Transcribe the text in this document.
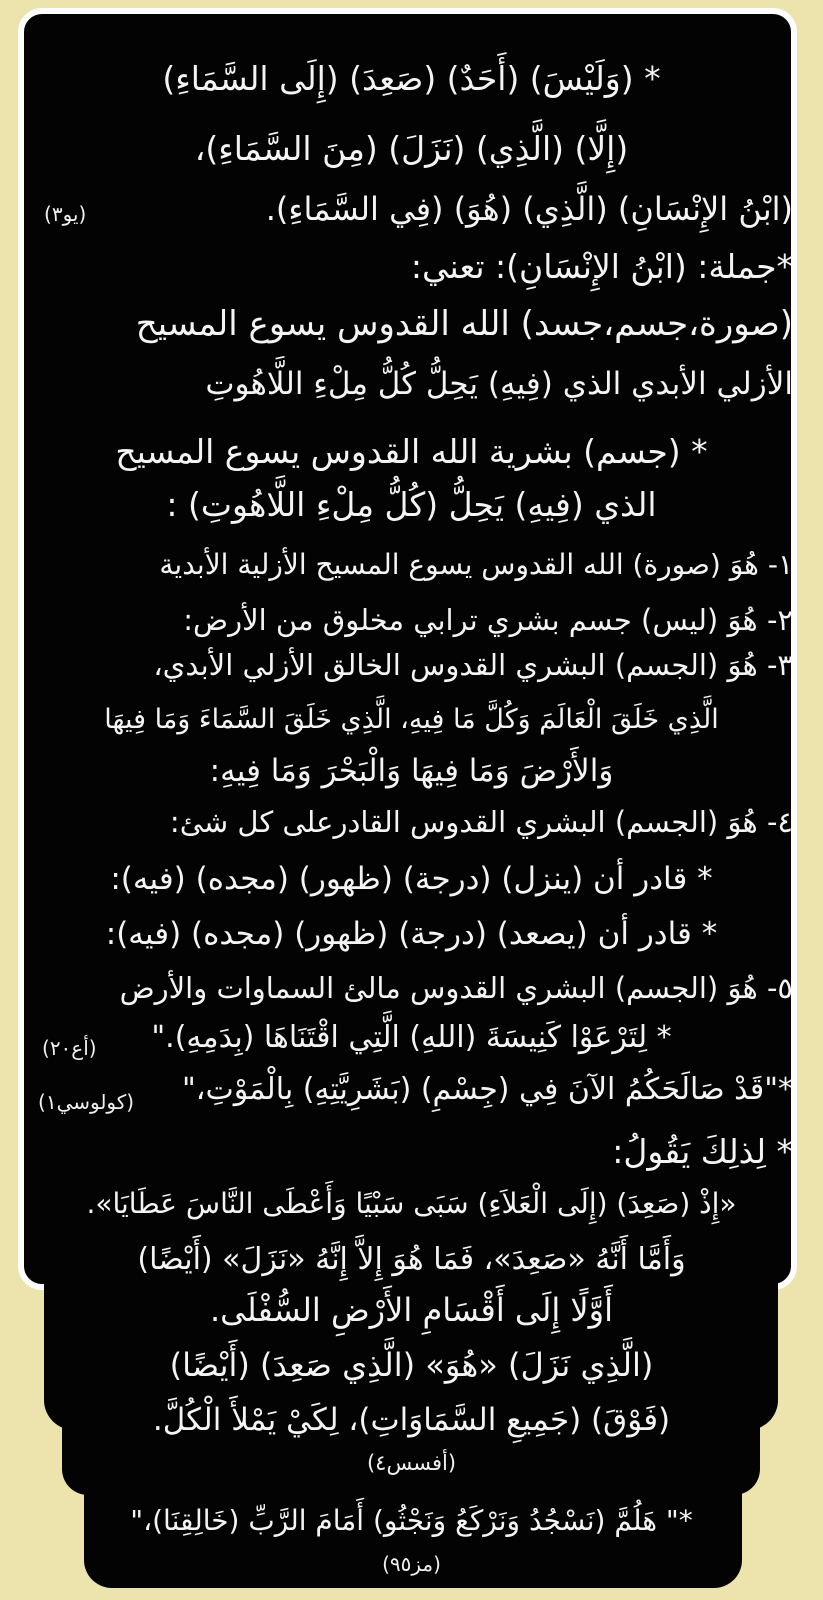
* (وَلَيْسَ) (أَحَدٌ) (صَعِدَ) (إِلَى السَّمَاءِ)
(إِلَّا) (الَّذِي) (نَزَلَ) (مِنَ السَّمَاءِ)،
(ابْنُ الإِنْسَانِ) (الَّذِي) (هُوَ) (فِي السَّمَاءِ).
(يو٣)
*جملة: (ابْنُ الإِنْسَانِ): تعني:
(صورة،جسم،جسد) الله القدوس يسوع المسيح
الأزلي الأبدي الذي (فِيهِ) يَحِلُّ كُلُّ مِلْءِ اللَّاهُوتِ
* (جسم) بشرية الله القدوس يسوع المسيح
الذي (فِيهِ) يَحِلُّ (كُلُّ مِلْءِ اللَّاهُوتِ) :
١- هُوَ (صورة) الله القدوس يسوع المسيح الأزلية الأبدية
٢- هُوَ (ليس) جسم بشري ترابي مخلوق من الأرض:
٣- هُوَ (الجسم) البشري القدوس الخالق الأزلي الأبدي،
الَّذِي خَلَقَ الْعَالَمَ وَكُلَّ مَا فِيهِ، الَّذِي خَلَقَ السَّمَاءَ وَمَا فِيهَا
وَالأَرْضَ وَمَا فِيهَا وَالْبَحْرَ وَمَا فِيهِ:
٤- هُوَ (الجسم) البشري القدوس القادرعلى كل شئ:
* قادر أن (ينزل) (درجة) (ظهور) (مجده) (فيه):
* قادر أن (يصعد) (درجة) (ظهور) (مجده) (فيه):
٥- هُوَ (الجسم) البشري القدوس مالئ السماوات والأرض
* لِتَرْعَوْا كَنِيسَةَ (اللهِ) الَّتِي اقْتَنَاهَا (بِدَمِهِ)."
(أع٢٠)
*"قَدْ صَالَحَكُمُ الآنَ فِي (جِسْمِ) (بَشَرِيَّتِهِ) بِالْمَوْتِ،"
(كولوسي١)
* لِذلِكَ يَقُولُ:
«إِذْ (صَعِدَ) (إِلَى الْعَلاَءِ) سَبَى سَبْيًا وَأَعْطَى النَّاسَ عَطَايَا».
وَأَمَّا أَنَّهُ «صَعِدَ»، فَمَا هُوَ إِلاَّ إِنَّهُ «نَزَلَ» (أَيْضًا)
أَوَّلًا إِلَى أَقْسَامِ الأَرْضِ السُّفْلَى.
(الَّذِي نَزَلَ) «هُوَ» (الَّذِي صَعِدَ) (أَيْضًا)
(فَوْقَ) (جَمِيعِ السَّمَاوَاتِ)، لِكَيْ يَمْلأَ الْكُلَّ.
(أفسس٤)
*" هَلُمَّ (نَسْجُدُ وَنَرْكَعُ وَنَجْثُو) أَمَامَ الرَّبِّ (خَالِقِنَا)،"
(مز٩٥)
